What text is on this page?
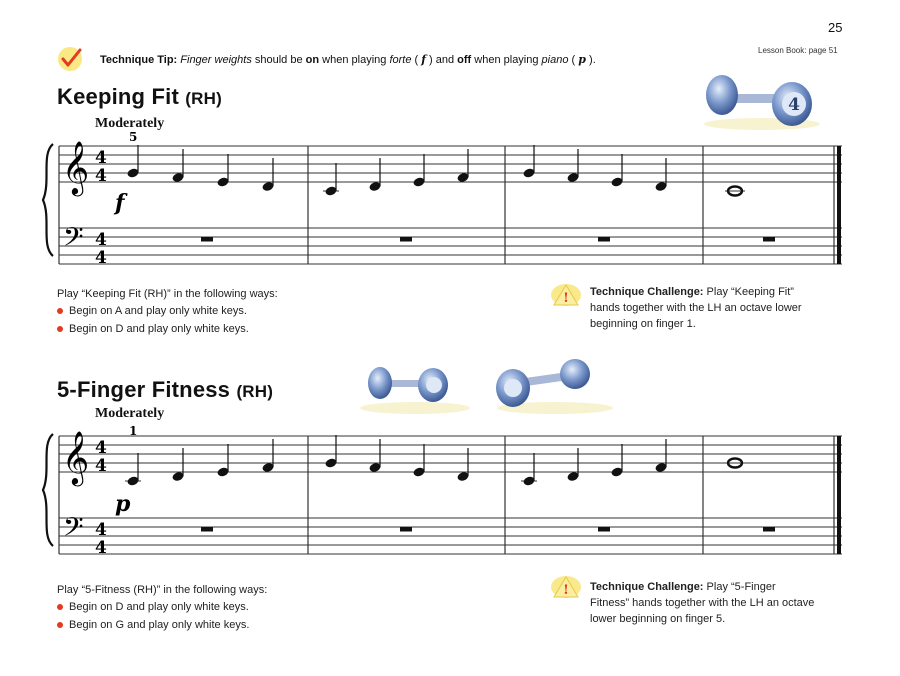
25
Lesson Book: page 51
Technique Tip: Finger weights should be on when playing forte ( f ) and off when playing piano ( p ).
Keeping Fit (RH)	4
Moderately
𝄞
𝄢
4
4
4
4
5
f
Play “Keeping Fit (RH)” in the following ways:
Begin on A and play only white keys.
Begin on D and play only white keys.
! Technique Challenge: Play “Keeping Fit”
hands together with the LH an octave lower
beginning on finger 1.
5-Finger Fitness (RH)
Moderately
𝄞
𝄢
4
4
4
4
1
p
Play “5-Fitness (RH)” in the following ways:
Begin on D and play only white keys.
Begin on G and play only white keys.
! Technique Challenge: Play “5-Finger
Fitness” hands together with the LH an octave
lower beginning on finger 5.
